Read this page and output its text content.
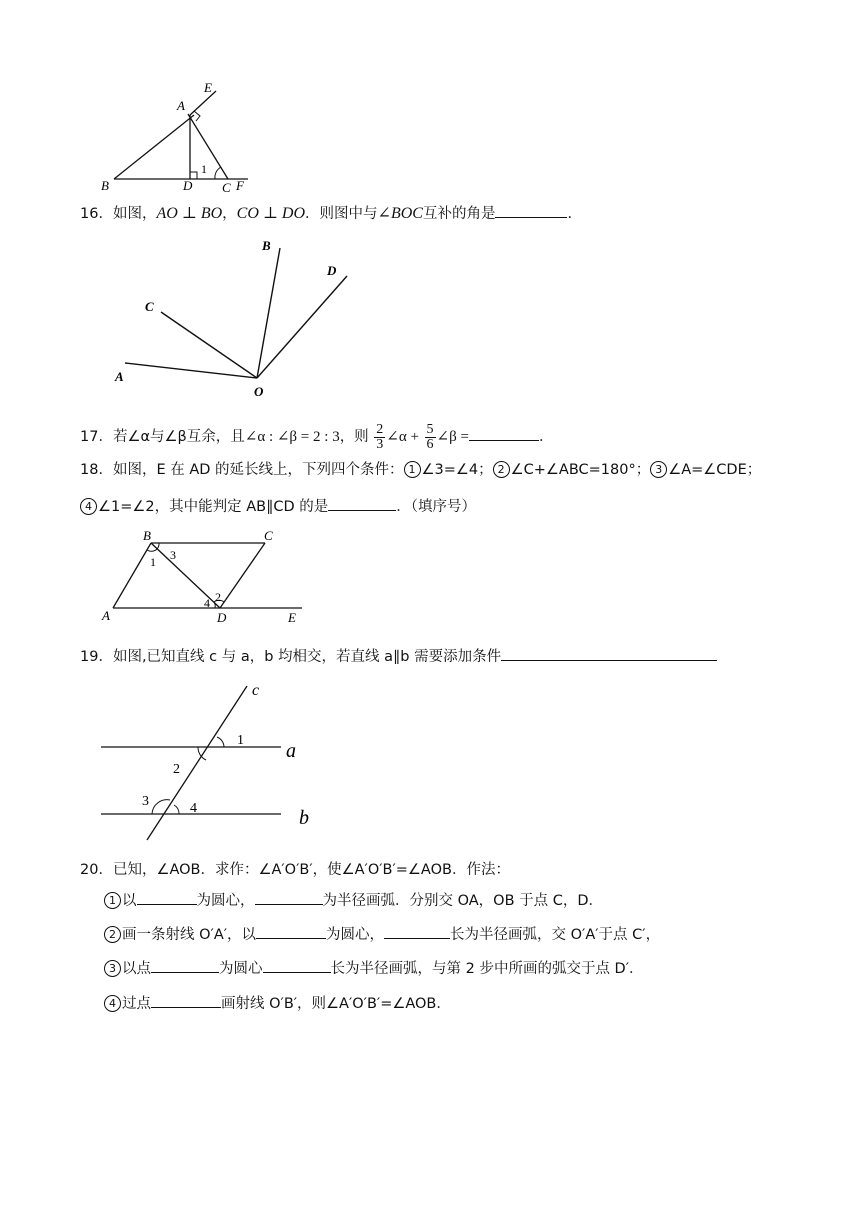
A
E
B	D C F
1
16．如图，AO ⊥ BO，CO ⊥ DO．则图中与∠BOC互补的角是	．
B
D
C
A
O
17．若∠α与∠β互余，且∠α : ∠β = 2 : 3，则 $\frac{2}{3}$ ∠α + $\frac{5}{6}$ ∠β =	．
18．如图，E 在 AD 的延长线上，下列四个条件： 1 ∠3=∠4； 2 ∠C+∠ABC=180°； 3 ∠A=∠CDE；
4 ∠1=∠2，其中能判定 AB∥CD 的是	．（填序号）
B	C
A	D	E
1 3
2
4
19．如图,已知直线 c 与 a，b 均相交，若直线 a∥b 需要添加条件
c
a
b
1
2
3	4
20．已知，∠AOB．求作：∠A′O′B′，使∠A′O′B′=∠AOB．作法：
1 以	为圆心，	为半径画弧．分别交 OA，OB 于点 C，D．
2 画一条射线 O′A′，以	为圆心，	长为半径画弧，交 O′A′于点 C′，
3 以点	为圆心	长为半径画弧，与第 2 步中所画的弧交于点 D′．
4 过点	画射线 O′B′，则∠A′O′B′=∠AOB．
